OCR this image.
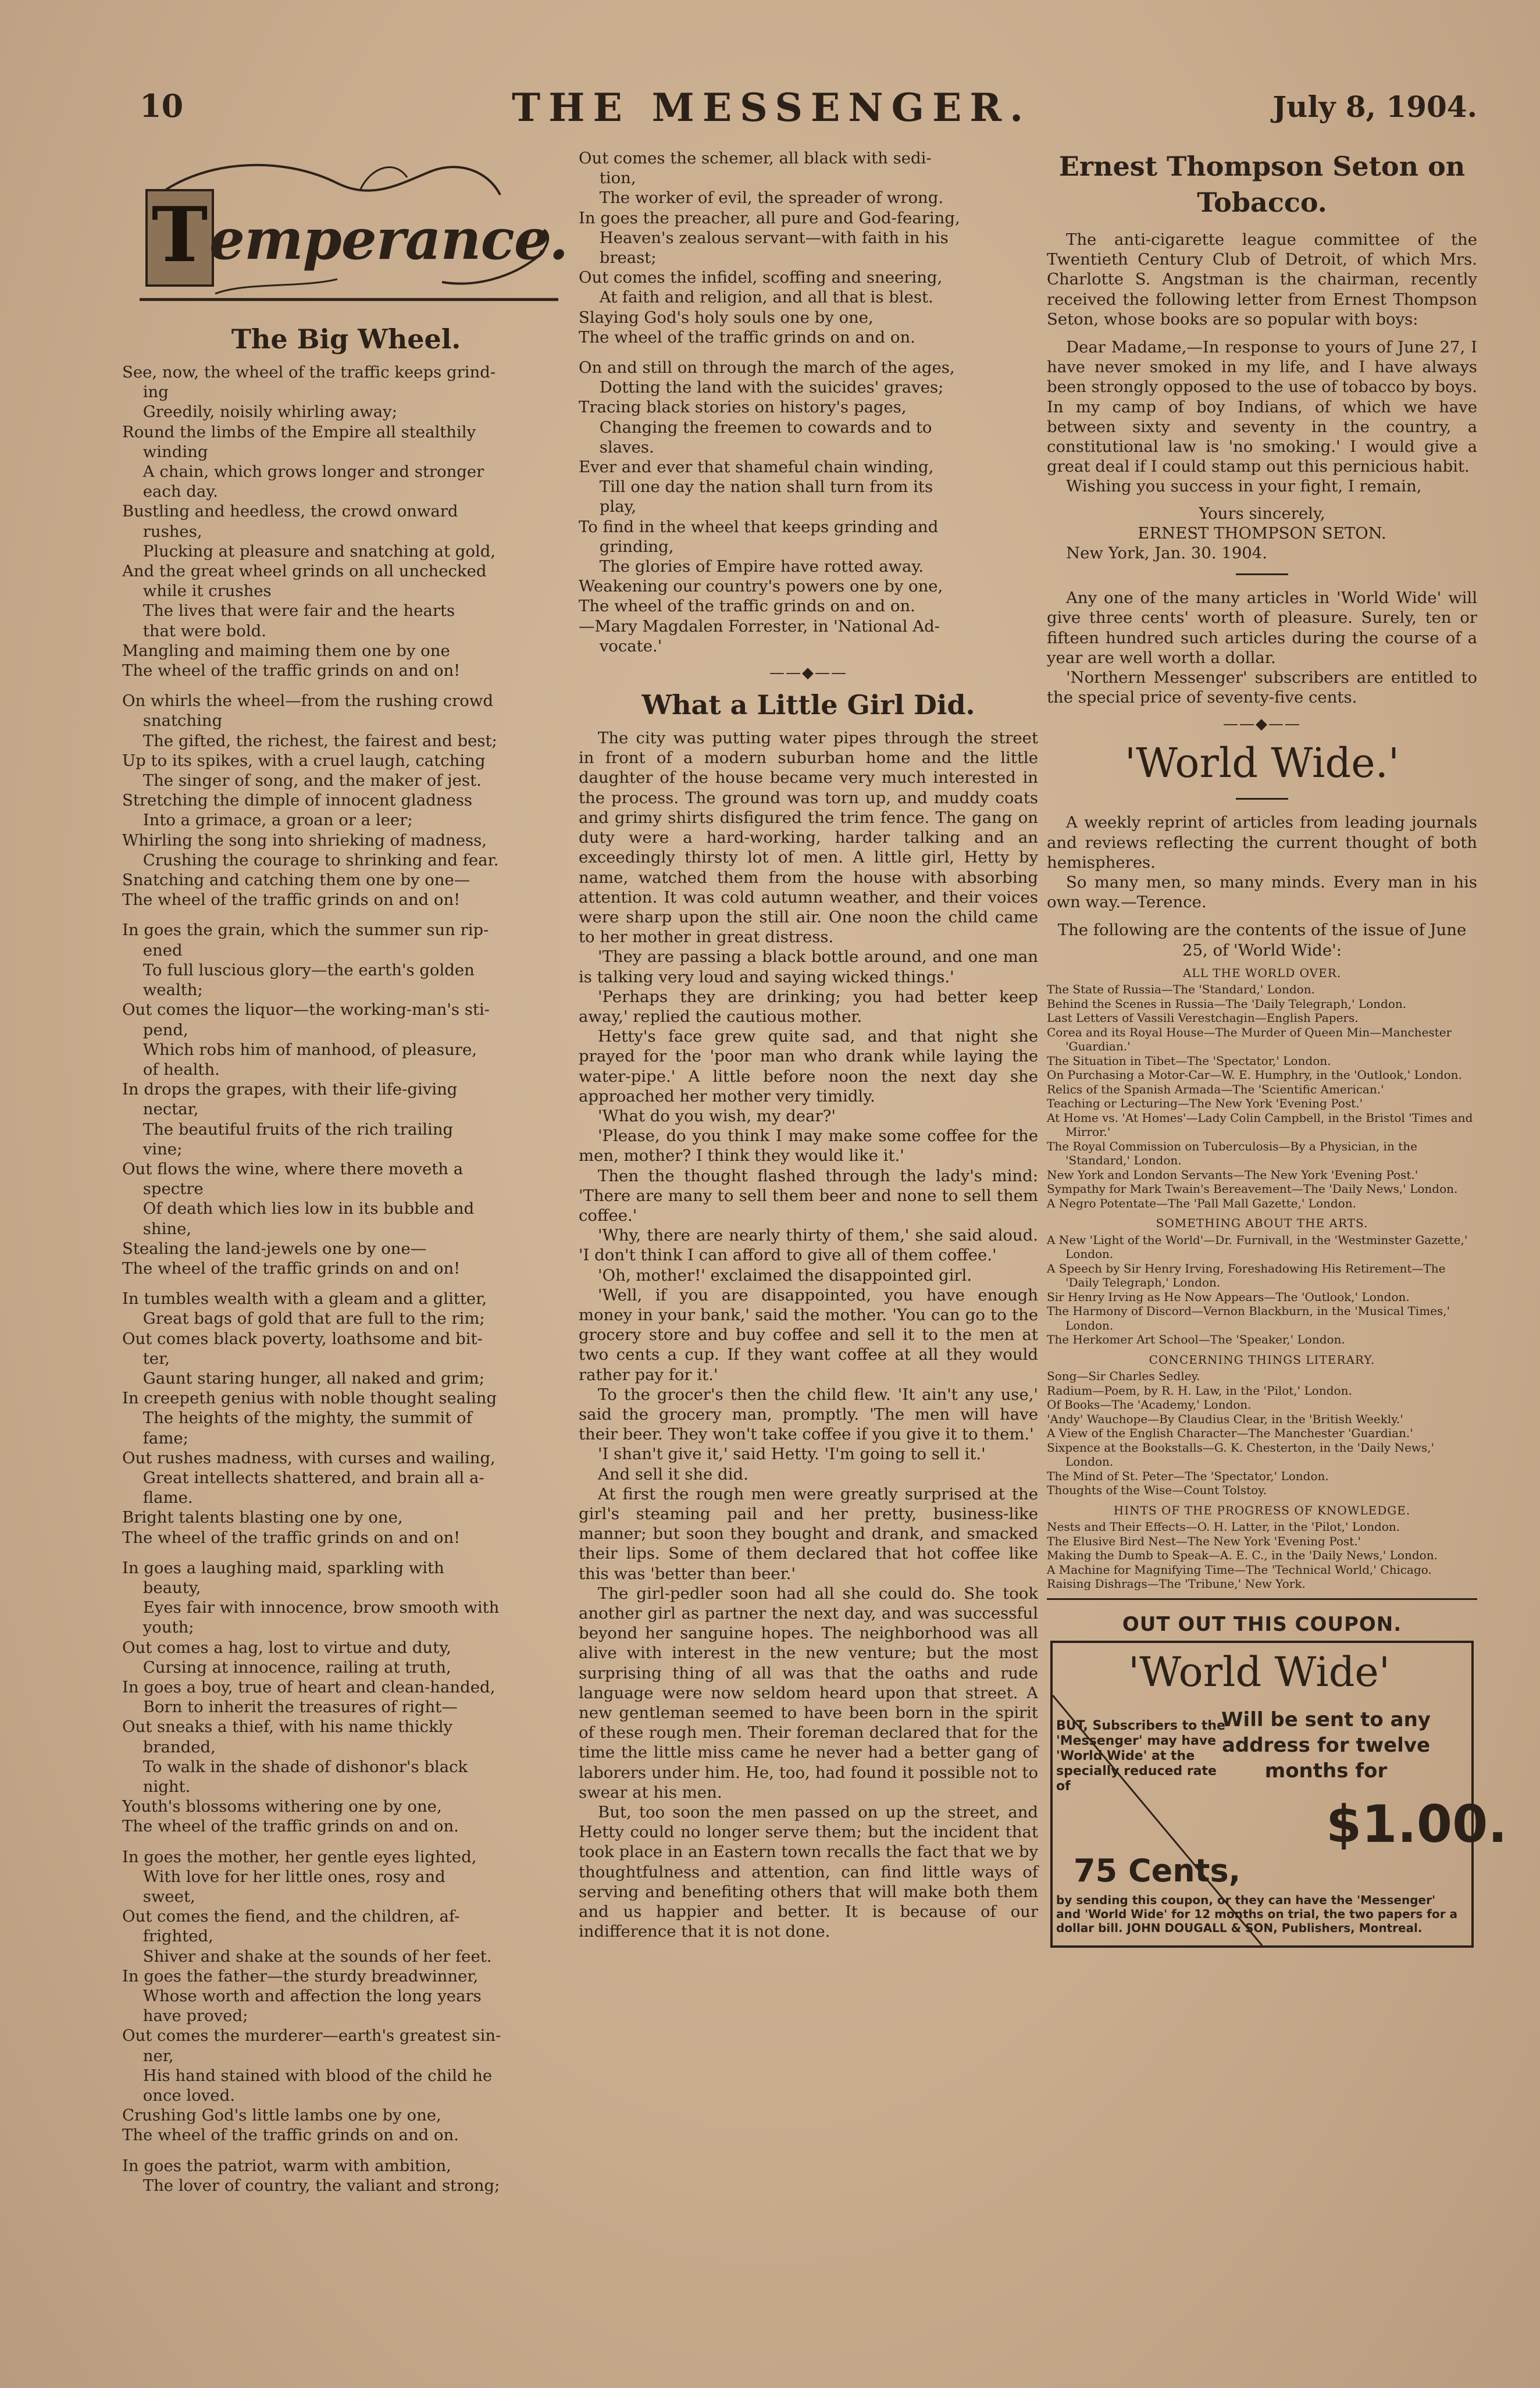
10	THE MESSENGER.	July 8, 1904.
T emperance.
The Big Wheel.

See, now, the wheel of the traffic keeps grind-

ing

Greedily, noisily whirling away;

Round the limbs of the Empire all stealthily

winding

A chain, which grows longer and stronger

each day.

Bustling and heedless, the crowd onward

rushes,

Plucking at pleasure and snatching at gold,

And the great wheel grinds on all unchecked

while it crushes

The lives that were fair and the hearts

that were bold.

Mangling and maiming them one by one

The wheel of the traffic grinds on and on!

On whirls the wheel—from the rushing crowd

snatching

The gifted, the richest, the fairest and best;

Up to its spikes, with a cruel laugh, catching

The singer of song, and the maker of jest.

Stretching the dimple of innocent gladness

Into a grimace, a groan or a leer;

Whirling the song into shrieking of madness,

Crushing the courage to shrinking and fear.

Snatching and catching them one by one—

The wheel of the traffic grinds on and on!

In goes the grain, which the summer sun rip-

ened

To full luscious glory—the earth's golden

wealth;

Out comes the liquor—the working-man's sti-

pend,

Which robs him of manhood, of pleasure,

of health.

In drops the grapes, with their life-giving

nectar,

The beautiful fruits of the rich trailing

vine;

Out flows the wine, where there moveth a

spectre

Of death which lies low in its bubble and

shine,

Stealing the land-jewels one by one—

The wheel of the traffic grinds on and on!

In tumbles wealth with a gleam and a glitter,

Great bags of gold that are full to the rim;

Out comes black poverty, loathsome and bit-

ter,

Gaunt staring hunger, all naked and grim;

In creepeth genius with noble thought sealing

The heights of the mighty, the summit of

fame;

Out rushes madness, with curses and wailing,

Great intellects shattered, and brain all a-

flame.

Bright talents blasting one by one,

The wheel of the traffic grinds on and on!

In goes a laughing maid, sparkling with

beauty,

Eyes fair with innocence, brow smooth with

youth;

Out comes a hag, lost to virtue and duty,

Cursing at innocence, railing at truth,

In goes a boy, true of heart and clean-handed,

Born to inherit the treasures of right—

Out sneaks a thief, with his name thickly

branded,

To walk in the shade of dishonor's black

night.

Youth's blossoms withering one by one,

The wheel of the traffic grinds on and on.

In goes the mother, her gentle eyes lighted,

With love for her little ones, rosy and

sweet,

Out comes the fiend, and the children, af-

frighted,

Shiver and shake at the sounds of her feet.

In goes the father—the sturdy breadwinner,

Whose worth and affection the long years

have proved;

Out comes the murderer—earth's greatest sin-

ner,

His hand stained with blood of the child he

once loved.

Crushing God's little lambs one by one,

The wheel of the traffic grinds on and on.

In goes the patriot, warm with ambition,

The lover of country, the valiant and strong;

Out comes the schemer, all black with sedi-

tion,

The worker of evil, the spreader of wrong.

In goes the preacher, all pure and God-fearing,

Heaven's zealous servant—with faith in his

breast;

Out comes the infidel, scoffing and sneering,

At faith and religion, and all that is blest.

Slaying God's holy souls one by one,

The wheel of the traffic grinds on and on.

On and still on through the march of the ages,

Dotting the land with the suicides' graves;

Tracing black stories on history's pages,

Changing the freemen to cowards and to

slaves.

Ever and ever that shameful chain winding,

Till one day the nation shall turn from its

play,

To find in the wheel that keeps grinding and

grinding,

The glories of Empire have rotted away.

Weakening our country's powers one by one,

The wheel of the traffic grinds on and on.

—Mary Magdalen Forrester, in 'National Ad-

vocate.'

——◆——
What a Little Girl Did.

The city was putting water pipes through the street in front of a modern suburban home and the little daughter of the house became very much interested in the process. The ground was torn up, and muddy coats and grimy shirts disfigured the trim fence. The gang on duty were a hard-working, harder talking and an exceedingly thirsty lot of men. A little girl, Hetty by name, watched them from the house with absorbing attention. It was cold autumn weather, and their voices were sharp upon the still air. One noon the child came to her mother in great distress.

'They are passing a black bottle around, and one man is talking very loud and saying wicked things.'

'Perhaps they are drinking; you had better keep away,' replied the cautious mother.

Hetty's face grew quite sad, and that night she prayed for the 'poor man who drank while laying the water-pipe.' A little before noon the next day she approached her mother very timidly.

'What do you wish, my dear?'

'Please, do you think I may make some coffee for the men, mother? I think they would like it.'

Then the thought flashed through the lady's mind: 'There are many to sell them beer and none to sell them coffee.'

'Why, there are nearly thirty of them,' she said aloud. 'I don't think I can afford to give all of them coffee.'

'Oh, mother!' exclaimed the disappointed girl.

'Well, if you are disappointed, you have enough money in your bank,' said the mother. 'You can go to the grocery store and buy coffee and sell it to the men at two cents a cup. If they want coffee at all they would rather pay for it.'

To the grocer's then the child flew. 'It ain't any use,' said the grocery man, promptly. 'The men will have their beer. They won't take coffee if you give it to them.'

'I shan't give it,' said Hetty. 'I'm going to sell it.'

And sell it she did.

At first the rough men were greatly surprised at the girl's steaming pail and her pretty, business-like manner; but soon they bought and drank, and smacked their lips. Some of them declared that hot coffee like this was 'better than beer.'

The girl-pedler soon had all she could do. She took another girl as partner the next day, and was successful beyond her sanguine hopes. The neighborhood was all alive with interest in the new venture; but the most surprising thing of all was that the oaths and rude language were now seldom heard upon that street. A new gentleman seemed to have been born in the spirit of these rough men. Their foreman declared that for the time the little miss came he never had a better gang of laborers under him. He, too, had found it possible not to swear at his men.

But, too soon the men passed on up the street, and Hetty could no longer serve them; but the incident that took place in an Eastern town recalls the fact that we by thoughtfulness and attention, can find little ways of serving and benefiting others that will make both them and us happier and better. It is because of our indifference that it is not done.

Ernest Thompson Seton on Tobacco.

The anti-cigarette league committee of the Twentieth Century Club of Detroit, of which Mrs. Charlotte S. Angstman is the chairman, recently received the following letter from Ernest Thompson Seton, whose books are so popular with boys:

Dear Madame,—In response to yours of June 27, I have never smoked in my life, and I have always been strongly opposed to the use of tobacco by boys. In my camp of boy Indians, of which we have between sixty and seventy in the country, a constitutional law is 'no smoking.' I would give a great deal if I could stamp out this pernicious habit.

Wishing you success in your fight, I remain,

Yours sincerely,

ERNEST THOMPSON SETON.

New York, Jan. 30. 1904.

Any one of the many articles in 'World Wide' will give three cents' worth of pleasure. Surely, ten or fifteen hundred such articles during the course of a year are well worth a dollar.

'Northern Messenger' subscribers are entitled to the special price of seventy-five cents.

——◆——
'World Wide.'

A weekly reprint of articles from leading journals and reviews reflecting the current thought of both hemispheres.

So many men, so many minds. Every man in his own way.—Terence.

The following are the contents of the issue of June 25, of 'World Wide':
ALL THE WORLD OVER.

The State of Russia—The 'Standard,' London.

Behind the Scenes in Russia—The 'Daily Telegraph,' London.

Last Letters of Vassili Verestchagin—English Papers.

Corea and its Royal House—The Murder of Queen Min—Manchester 'Guardian.'

The Situation in Tibet—The 'Spectator,' London.

On Purchasing a Motor-Car—W. E. Humphry, in the 'Outlook,' London.

Relics of the Spanish Armada—The 'Scientific American.'

Teaching or Lecturing—The New York 'Evening Post.'

At Home vs. 'At Homes'—Lady Colin Campbell, in the Bristol 'Times and Mirror.'

The Royal Commission on Tuberculosis—By a Physician, in the 'Standard,' London.

New York and London Servants—The New York 'Evening Post.'

Sympathy for Mark Twain's Bereavement—The 'Daily News,' London.

A Negro Potentate—The 'Pall Mall Gazette,' London.

SOMETHING ABOUT THE ARTS.

A New 'Light of the World'—Dr. Furnivall, in the 'Westminster Gazette,' London.

A Speech by Sir Henry Irving, Foreshadowing His Retirement—The 'Daily Telegraph,' London.

Sir Henry Irving as He Now Appears—The 'Outlook,' London.

The Harmony of Discord—Vernon Blackburn, in the 'Musical Times,' London.

The Herkomer Art School—The 'Speaker,' London.

CONCERNING THINGS LITERARY.

Song—Sir Charles Sedley.

Radium—Poem, by R. H. Law, in the 'Pilot,' London.

Of Books—The 'Academy,' London.

'Andy' Wauchope—By Claudius Clear, in the 'British Weekly.'

A View of the English Character—The Manchester 'Guardian.'

Sixpence at the Bookstalls—G. K. Chesterton, in the 'Daily News,' London.

The Mind of St. Peter—The 'Spectator,' London.

Thoughts of the Wise—Count Tolstoy.

HINTS OF THE PROGRESS OF KNOWLEDGE.

Nests and Their Effects—O. H. Latter, in the 'Pilot,' London.

The Elusive Bird Nest—The New York 'Evening Post.'

Making the Dumb to Speak—A. E. C., in the 'Daily News,' London.

A Machine for Magnifying Time—The 'Technical World,' Chicago.

Raising Dishrags—The 'Tribune,' New York.

OUT OUT THIS COUPON.
'World Wide'
Will be sent to any address for twelve months for
$1.00.
BUT, Subscribers to the 'Messenger' may have 'World Wide' at the specially reduced rate of
75 Cents,
by sending this coupon, or they can have the 'Messenger' and 'World Wide' for 12 months on trial, the two papers for a dollar bill. JOHN DOUGALL & SON, Publishers, Montreal.
